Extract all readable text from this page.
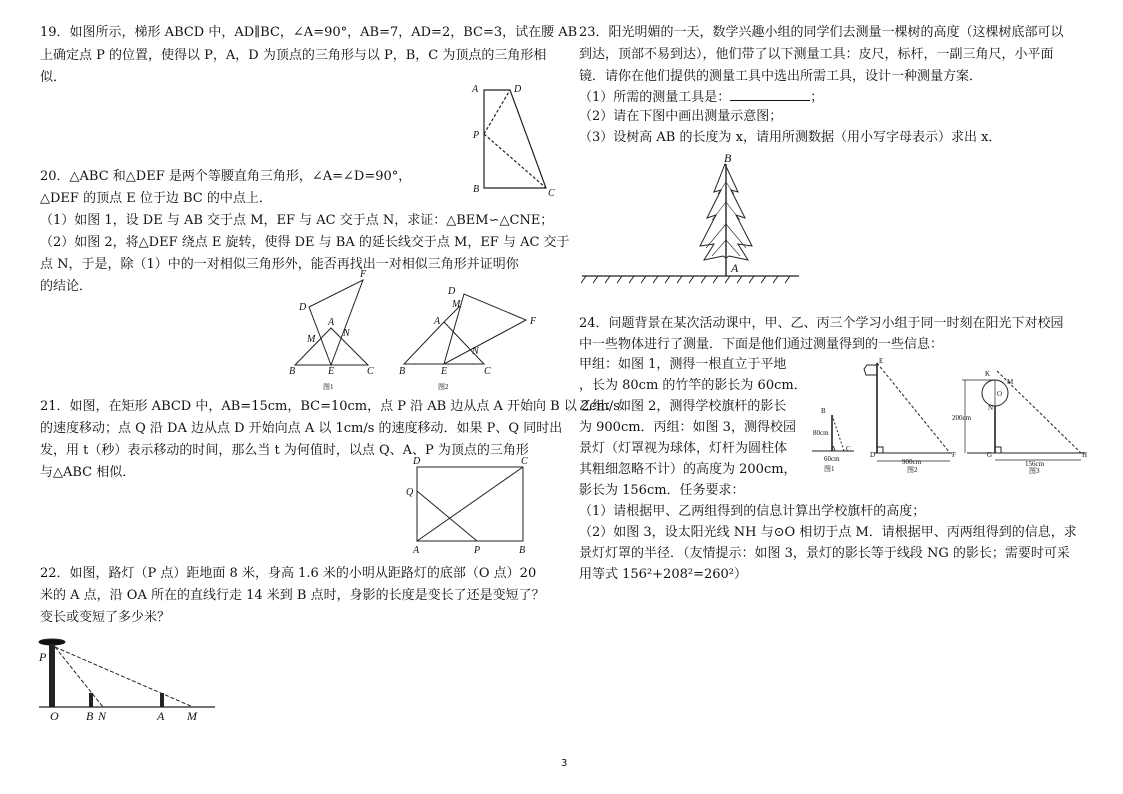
19．如图所示，梯形 ABCD 中，AD∥BC，∠A=90°，AB=7，AD=2，BC=3，试在腰 AB
上确定点 P 的位置，使得以 P，A，D 为顶点的三角形与以 P，B，C 为顶点的三角形相
似．
A	D
P
B	C
20．△ABC 和△DEF 是两个等腰直角三角形，∠A=∠D=90°，
△DEF 的顶点 E 位于边 BC 的中点上．
（1）如图 1，设 DE 与 AB 交于点 M，EF 与 AC 交于点 N，求证：△BEM∽△CNE；
（2）如图 2，将△DEF 绕点 E 旋转，使得 DE 与 BA 的延长线交于点 M，EF 与 AC 交于
点 N，于是，除（1）中的一对相似三角形外，能否再找出一对相似三角形并证明你
的结论．
D
F
A
M
N
B	E	C
图1
D
M
F
A
N
B	E	C
图2
21．如图，在矩形 ABCD 中，AB=15cm，BC=10cm，点 P 沿 AB 边从点 A 开始向 B 以 2cm/s
的速度移动；点 Q 沿 DA 边从点 D 开始向点 A 以 1cm/s 的速度移动．如果 P、Q 同时出
发，用 t（秒）表示移动的时间，那么当 t 为何值时，以点 Q、A、P 为顶点的三角形
与△ABC 相似．
D	C
Q
A	P	B
22．如图，路灯（P 点）距地面 8 米，身高 1.6 米的小明从距路灯的底部（O 点）20
米的 A 点，沿 OA 所在的直线行走 14 米到 B 点时，身影的长度是变长了还是变短了？
变长或变短了多少米？
P
O B N	A M
23．阳光明媚的一天，数学兴趣小组的同学们去测量一棵树的高度（这棵树底部可以
到达，顶部不易到达），他们带了以下测量工具：皮尺，标杆，一副三角尺，小平面
镜．请你在他们提供的测量工具中选出所需工具，设计一种测量方案．
（1）所需的测量工具是：	；
（2）请在下图中画出测量示意图；
（3）设树高 AB 的长度为 x，请用所测数据（用小写字母表示）求出 x．
B
A
24．问题背景在某次活动课中，甲、乙、丙三个学习小组于同一时刻在阳光下对校园
中一些物体进行了测量．下面是他们通过测量得到的一些信息：
甲组：如图 1，测得一根直立于平地
，长为 80cm 的竹竿的影长为 60cm．
乙组：如图 2，测得学校旗杆的影长
为 900cm．丙组：如图 3，测得校园
景灯（灯罩视为球体，灯杆为圆柱体
其粗细忽略不计）的高度为 200cm，
影长为 156cm．任务要求：
（1）请根据甲、乙两组得到的信息计算出学校旗杆的高度；
（2）如图 3，设太阳光线 NH 与⊙O 相切于点 M．请根据甲、丙两组得到的信息，求
景灯灯罩的半径．（友情提示：如图 3，景灯的影长等于线段 NG 的影长；需要时可采
用等式 156²+208²=260²）
B
80cm
A C
60cm
图1
E
D	F
900cm
图2
200cm
K
M
O
N
G	H
156cm
图3
3
